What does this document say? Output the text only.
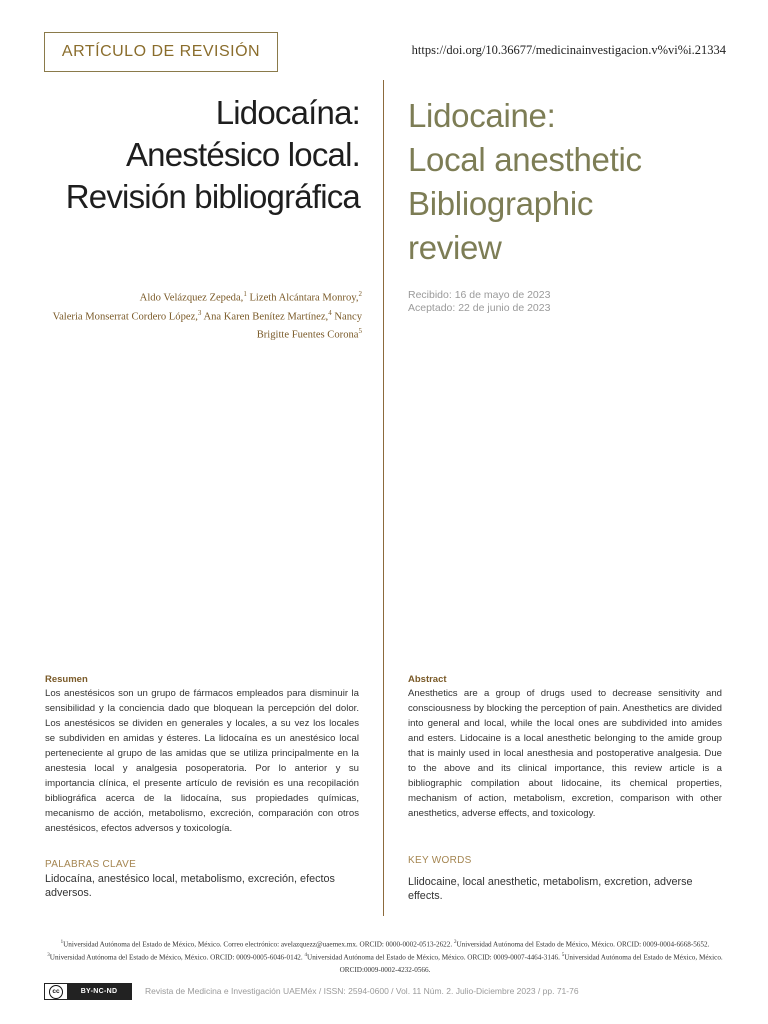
ARTÍCULO DE REVISIÓN	https://doi.org/10.36677/medicinainvestigacion.v%vi%i.21334
Lidocaína:
Anestésico local.
Revisión bibliográfica
Lidocaine:
Local anesthetic
Bibliographic
review
Aldo Velázquez Zepeda,$^1$ Lizeth Alcántara Monroy,$^2$
Valeria Monserrat Cordero López,$^3$ Ana Karen Benítez Martínez,$^4$ Nancy
Brigitte Fuentes Corona$^5$
Recibido: 16 de mayo de 2023
Aceptado: 22 de junio de 2023
Resumen
Los anestésicos son un grupo de fármacos empleados para disminuir la sensibilidad y la conciencia dado que bloquean la percepción del dolor. Los anestésicos se dividen en generales y locales, a su vez los locales se subdividen en amidas y ésteres. La lidocaína es un anestésico local perteneciente al grupo de las amidas que se utiliza principalmente en la anestesia local y analgesia posoperatoria. Por lo anterior y su importancia clínica, el presente artículo de revisión es una recopilación bibliográfica acerca de la lidocaína, sus propiedades químicas, mecanismo de acción, metabolismo, excreción, comparación con otros anestésicos, efectos adversos y toxicología.
PALABRAS CLAVE
Lidocaína, anestésico local, metabolismo, excreción, efectos adversos.
Abstract
Anesthetics are a group of drugs used to decrease sensitivity and consciousness by blocking the perception of pain. Anesthetics are divided into general and local, while the local ones are subdivided into amides and esters. Lidocaine is a local anesthetic belonging to the amide group that is mainly used in local anesthesia and postoperative analgesia. Due to the above and its clinical importance, this review article is a bibliographic compilation about lidocaine, its chemical properties, mechanism of action, metabolism, excretion, comparison with other anesthetics, adverse effects, and toxicology.
KEY WORDS
Llidocaine, local anesthetic, metabolism, excretion, adverse effects.
$^1$Universidad Autónoma del Estado de México, México. Correo electrónico: avelazquezz@uaemex.mx. ORCID: 0000-0002-0513-2622. $^2$Universidad Autónoma del Estado de México, México. ORCID: 0009-0004-6668-5652. $^3$Universidad Autónoma del Estado de México, México. ORCID: 0009-0005-6046-0142. $^4$Universidad Autónoma del Estado de México, México. ORCID: 0009-0007-4464-3146. $^5$Universidad Autónoma del Estado de México, México. ORCID:0009-0002-4232-0566.
cc	BY-NC-ND	Revista de Medicina e Investigación UAEMéx / ISSN: 2594-0600 / Vol. 11 Núm. 2. Julio-Diciembre 2023 / pp. 71-76
